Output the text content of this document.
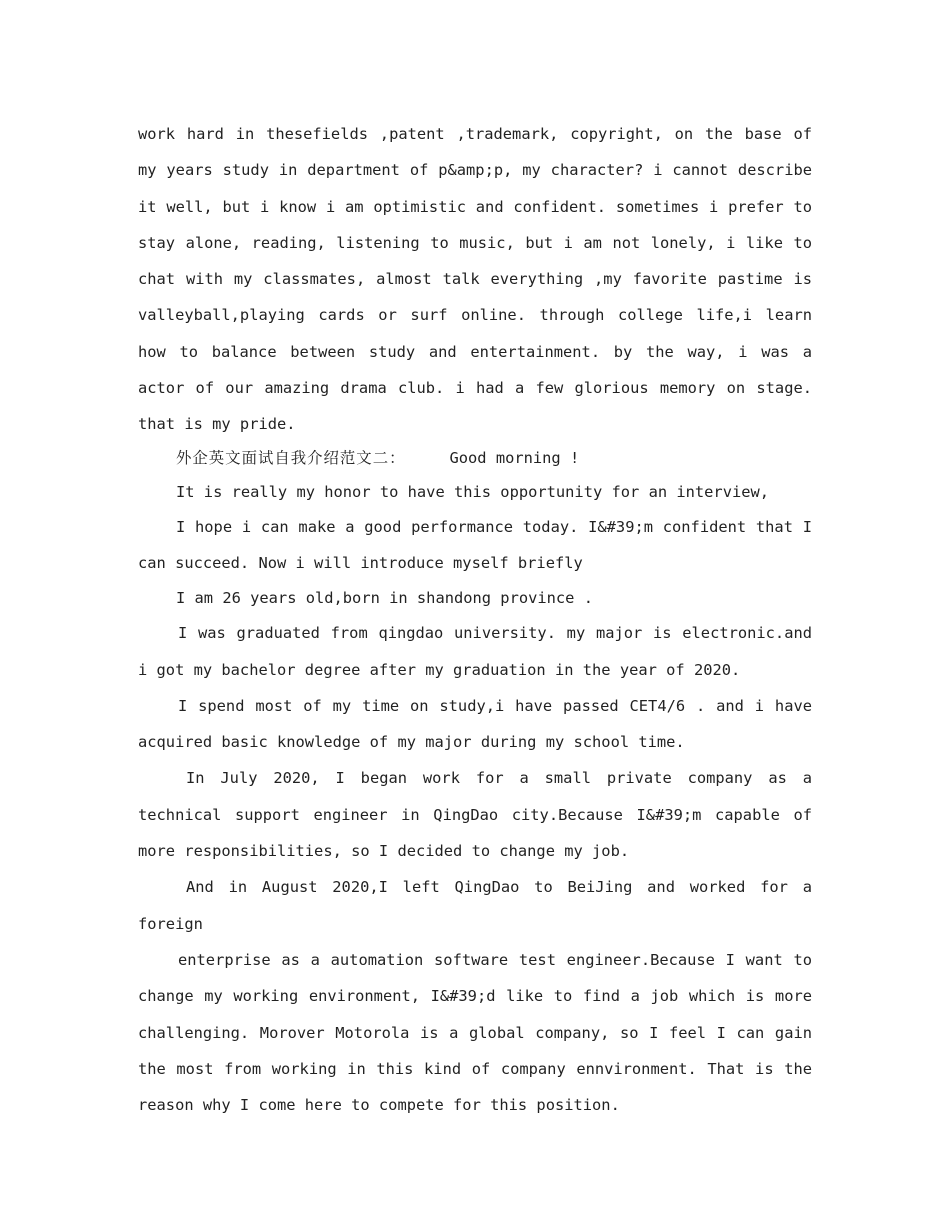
work hard in thesefields ,patent ,trademark, copyright, on the base of my years study in department of p&amp;p, my character? i cannot describe it well, but i know i am optimistic and confident. sometimes i prefer to stay alone, reading, listening to music, but i am not lonely, i like to chat with my classmates, almost talk everything ,my favorite pastime is valleyball,playing cards or surf online. through college life,i learn how to balance between study and entertainment. by the way, i was a actor of our amazing drama club. i had a few glorious memory on stage. that is my pride.

外企英文面试自我介绍范文二：	Good morning !

It is really my honor to have this opportunity for an interview,

I hope i can make a good performance today. I&#39;m confident that I can succeed. Now i will introduce myself briefly

I am 26 years old,born in shandong province .

I was graduated from qingdao university. my major is electronic.and i got my bachelor degree after my graduation in the year of 2020.

I spend most of my time on study,i have passed CET4/6 . and i have acquired basic knowledge of my major during my school time.

In July 2020, I began work for a small private company as a technical support engineer in QingDao city.Because I&#39;m capable of more responsibilities, so I decided to change my job.

And in August 2020,I left QingDao to BeiJing and worked for a foreign

enterprise as a automation software test engineer.Because I want to change my working environment, I&#39;d like to find a job which is more challenging. Morover Motorola is a global company, so I feel I can gain the most from working in this kind of company ennvironment. That is the reason why I come here to compete for this position.
